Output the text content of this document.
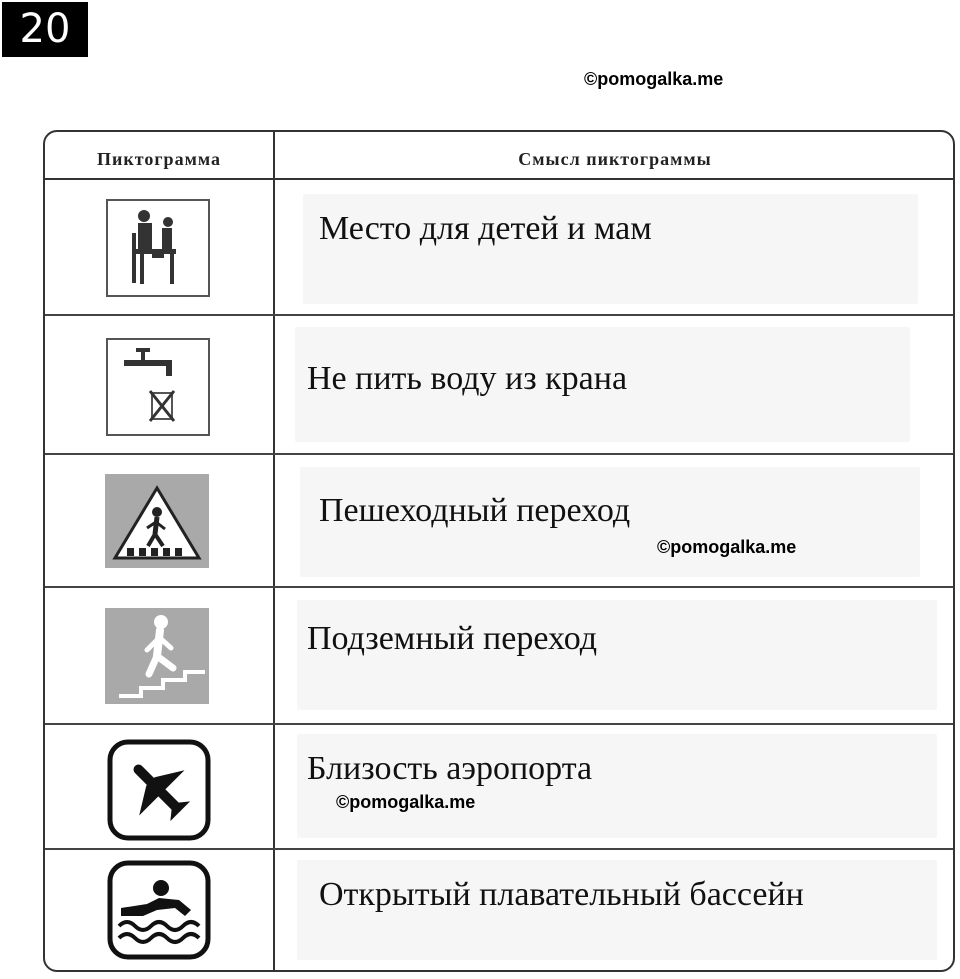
20
©pomogalka.me
Пиктограмма	Смысл пиктограммы
Место для детей и мам
Не пить воду из крана
Пешеходный переход
©pomogalka.me
Подземный переход
Близость аэропорта
©pomogalka.me
Открытый плавательный бассейн
